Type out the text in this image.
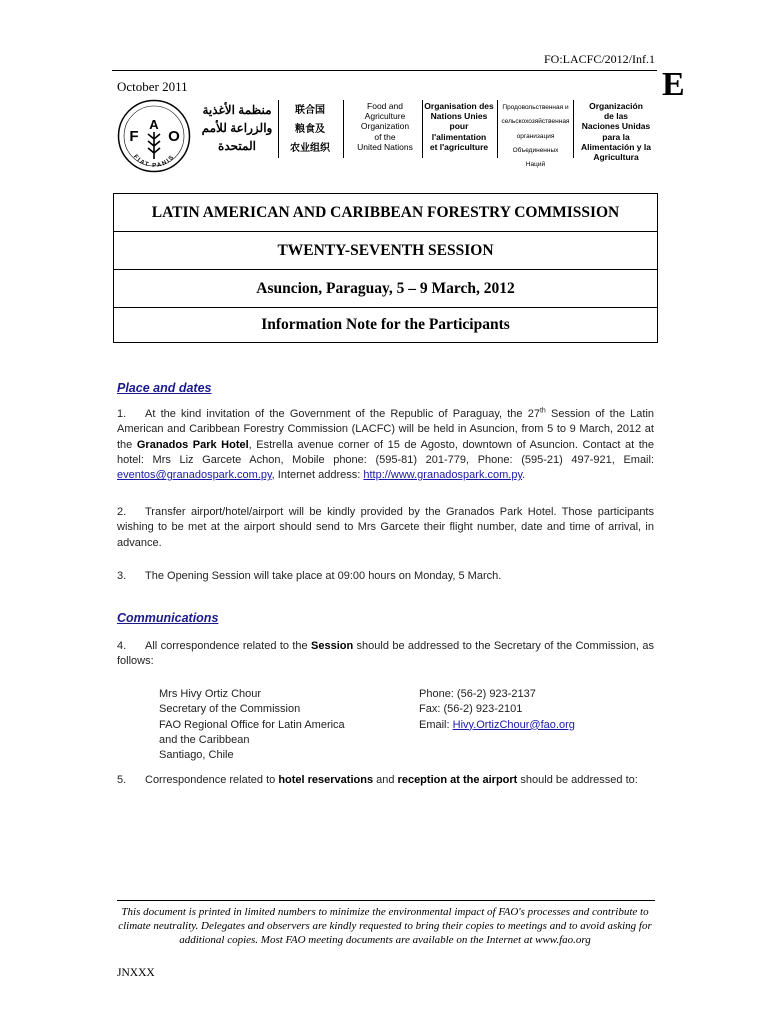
FO:LACFC/2012/Inf.1
E
October 2011
F O
A
FIAT PANIS
منظمة الأغذية
والزراعة للأمم
المتحدة
联合国
粮食及
农业组织
Food and
Agriculture
Organization
of the
United Nations
Organisation des
Nations Unies
pour
l'alimentation
et l'agriculture
Продовольственная и
сельскохозяйственная
организация
Объединенных
Наций
Organización
de las
Naciones Unidas
para la
Alimentación y la
Agricultura
LATIN AMERICAN AND CARIBBEAN FORESTRY COMMISSION
TWENTY-SEVENTH SESSION
Asuncion, Paraguay, 5 – 9 March, 2012
Information Note for the Participants
Place and dates
1. At the kind invitation of the Government of the Republic of Paraguay, the 27th Session of the Latin American and Caribbean Forestry Commission (LACFC) will be held in Asuncion, from 5 to 9 March, 2012 at the Granados Park Hotel, Estrella avenue corner of 15 de Agosto, downtown of Asuncion. Contact at the hotel: Mrs Liz Garcete Achon, Mobile phone: (595-81) 201-779, Phone: (595-21) 497-921, Email: eventos@granadospark.com.py, Internet address: http://www.granadospark.com.py.
2. Transfer airport/hotel/airport will be kindly provided by the Granados Park Hotel. Those participants wishing to be met at the airport should send to Mrs Garcete their flight number, date and time of arrival, in advance.
3. The Opening Session will take place at 09:00 hours on Monday, 5 March.
Communications
4. All correspondence related to the Session should be addressed to the Secretary of the Commission, as follows:
Mrs Hivy Ortiz Chour
Secretary of the Commission
FAO Regional Office for Latin America
and the Caribbean
Santiago, Chile
Phone: (56-2) 923-2137
Fax: (56-2) 923-2101
Email: Hivy.OrtizChour@fao.org
5. Correspondence related to hotel reservations and reception at the airport should be addressed to:
This document is printed in limited numbers to minimize the environmental impact of FAO's processes and contribute to climate neutrality. Delegates and observers are kindly requested to bring their copies to meetings and to avoid asking for additional copies. Most FAO meeting documents are available on the Internet at www.fao.org
JNXXX
